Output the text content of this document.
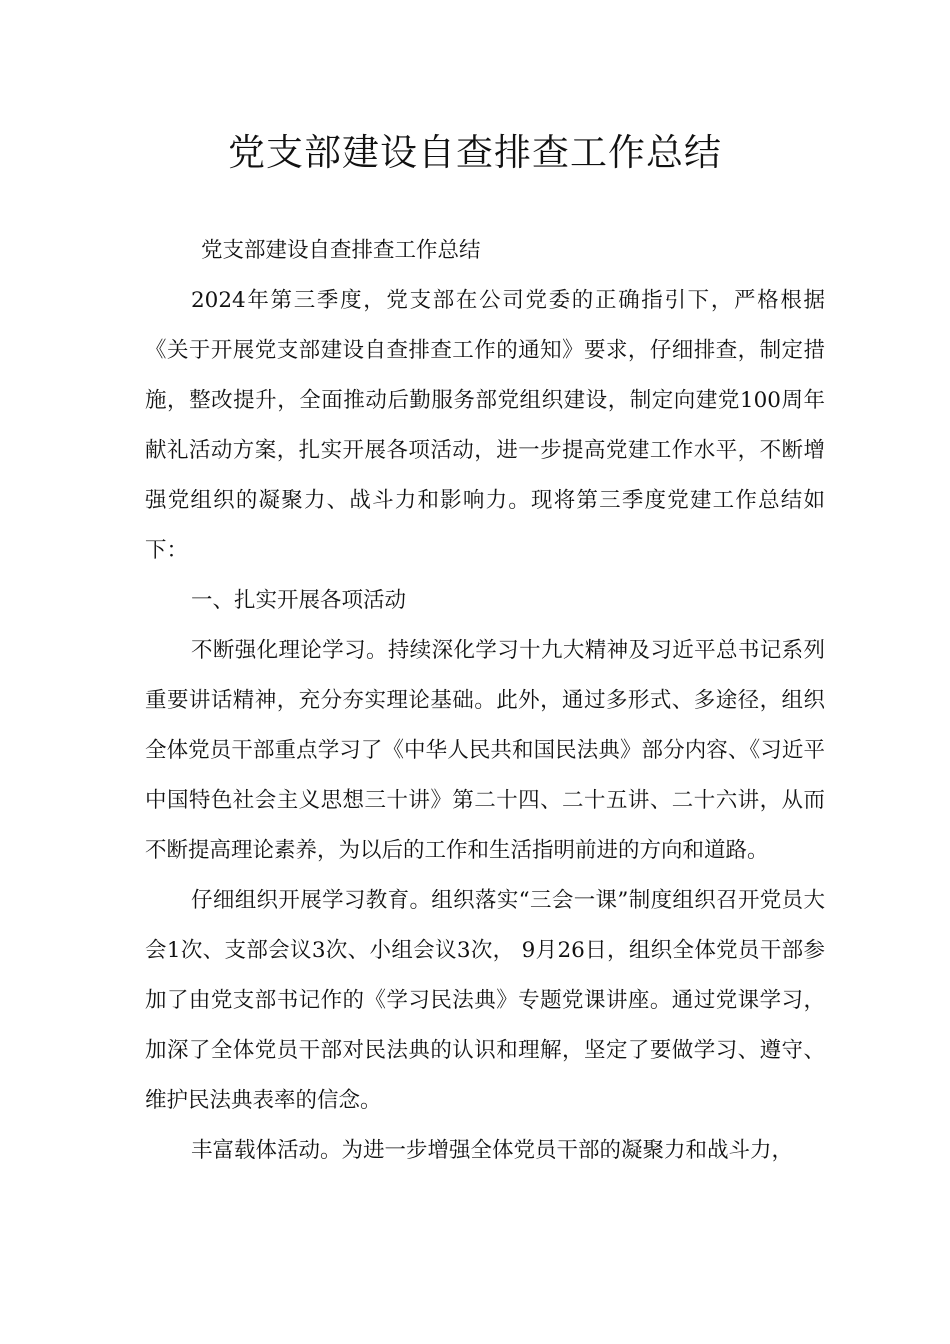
党支部建设自查排查工作总结

党支部建设自查排查工作总结

2024年第三季度，党支部在公司党委的正确指引下，严格根据《关于开展党支部建设自查排查工作的通知》要求，仔细排查，制定措施，整改提升，全面推动后勤服务部党组织建设，制定向建党100周年献礼活动方案，扎实开展各项活动，进一步提高党建工作水平，不断增强党组织的凝聚力、战斗力和影响力。现将第三季度党建工作总结如下：

一、扎实开展各项活动

不断强化理论学习。持续深化学习十九大精神及习近平总书记系列重要讲话精神，充分夯实理论基础。此外，通过多形式、多途径，组织全体党员干部重点学习了《中华人民共和国民法典》部分内容、《习近平中国特色社会主义思想三十讲》第二十四、二十五讲、二十六讲，从而不断提高理论素养，为以后的工作和生活指明前进的方向和道路。

仔细组织开展学习教育。组织落实“三会一课”制度组织召开党员大会1次、支部会议3次、小组会议3次， 9月26日，组织全体党员干部参加了由党支部书记作的《学习民法典》专题党课讲座。通过党课学习，加深了全体党员干部对民法典的认识和理解，坚定了要做学习、遵守、维护民法典表率的信念。

丰富载体活动。为进一步增强全体党员干部的凝聚力和战斗力，
